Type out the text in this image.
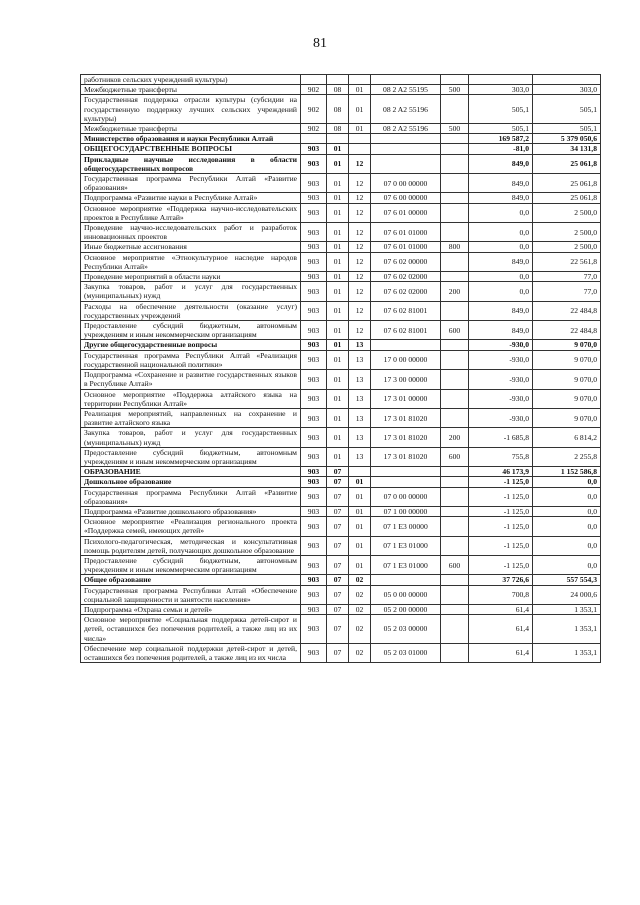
81
работников сельских учреждений культуры)							
Межбюджетные трансферты	902	08	01	08 2 A2 55195	500	303,0	303,0
Государственная поддержка отрасли культуры (субсидии на государственную поддержку лучших сельских учреждений культуры)	902	08	01	08 2 A2 55196		505,1	505,1
Межбюджетные трансферты	902	08	01	08 2 A2 55196	500	505,1	505,1
Министерство образования и науки Республики Алтай						169 587,2	5 379 050,6
ОБЩЕГОСУДАРСТВЕННЫЕ ВОПРОСЫ	903	01				-81,0	34 131,8
Прикладные научные исследования в области общегосударственных вопросов	903	01	12			849,0	25 061,8
Государственная программа Республики Алтай «Развитие образования»	903	01	12	07 0 00 00000		849,0	25 061,8
Подпрограмма «Развитие науки в Республике Алтай»	903	01	12	07 6 00 00000		849,0	25 061,8
Основное мероприятие «Поддержка научно-исследовательских проектов в Республике Алтай»	903	01	12	07 6 01 00000		0,0	2 500,0
Проведение научно-исследовательских работ и разработок инновационных проектов	903	01	12	07 6 01 01000		0,0	2 500,0
Иные бюджетные ассигнования	903	01	12	07 6 01 01000	800	0,0	2 500,0
Основное мероприятие «Этнокультурное наследие народов Республики Алтай»	903	01	12	07 6 02 00000		849,0	22 561,8
Проведение мероприятий в области науки	903	01	12	07 6 02 02000		0,0	77,0
Закупка товаров, работ и услуг для государственных (муниципальных) нужд	903	01	12	07 6 02 02000	200	0,0	77,0
Расходы на обеспечение деятельности (оказание услуг) государственных учреждений	903	01	12	07 6 02 81001		849,0	22 484,8
Предоставление субсидий бюджетным, автономным учреждениям и иным некоммерческим организациям	903	01	12	07 6 02 81001	600	849,0	22 484,8
Другие общегосударственные вопросы	903	01	13			-930,0	9 070,0
Государственная программа Республики Алтай «Реализация государственной национальной политики»	903	01	13	17 0 00 00000		-930,0	9 070,0
Подпрограмма «Сохранение и развитие государственных языков в Республике Алтай»	903	01	13	17 3 00 00000		-930,0	9 070,0
Основное мероприятие «Поддержка алтайского языка на территории Республики Алтай»	903	01	13	17 3 01 00000		-930,0	9 070,0
Реализация мероприятий, направленных на сохранение и развитие алтайского языка	903	01	13	17 3 01 81020		-930,0	9 070,0
Закупка товаров, работ и услуг для государственных (муниципальных) нужд	903	01	13	17 3 01 81020	200	-1 685,8	6 814,2
Предоставление субсидий бюджетным, автономным учреждениям и иным некоммерческим организациям	903	01	13	17 3 01 81020	600	755,8	2 255,8
ОБРАЗОВАНИЕ	903	07				46 173,9	1 152 586,8
Дошкольное образование	903	07	01			-1 125,0	0,0
Государственная программа Республики Алтай «Развитие образования»	903	07	01	07 0 00 00000		-1 125,0	0,0
Подпрограмма «Развитие дошкольного образования»	903	07	01	07 1 00 00000		-1 125,0	0,0
Основное мероприятие «Реализация регионального проекта «Поддержка семей, имеющих детей»	903	07	01	07 1 E3 00000		-1 125,0	0,0
Психолого-педагогическая, методическая и консультативная помощь родителям детей, получающих дошкольное образование	903	07	01	07 1 E3 01000		-1 125,0	0,0
Предоставление субсидий бюджетным, автономным учреждениям и иным некоммерческим организациям	903	07	01	07 1 E3 01000	600	-1 125,0	0,0
Общее образование	903	07	02			37 726,6	557 554,3
Государственная программа Республики Алтай «Обеспечение социальной защищенности и занятости населения»	903	07	02	05 0 00 00000		700,8	24 000,6
Подпрограмма «Охрана семьи и детей»	903	07	02	05 2 00 00000		61,4	1 353,1
Основное мероприятие «Социальная поддержка детей-сирот и детей, оставшихся без попечения родителей, а также лиц из их числа»	903	07	02	05 2 03 00000		61,4	1 353,1
Обеспечение мер социальной поддержки детей-сирот и детей, оставшихся без попечения родителей, а также лиц из их числа	903	07	02	05 2 03 01000		61,4	1 353,1
